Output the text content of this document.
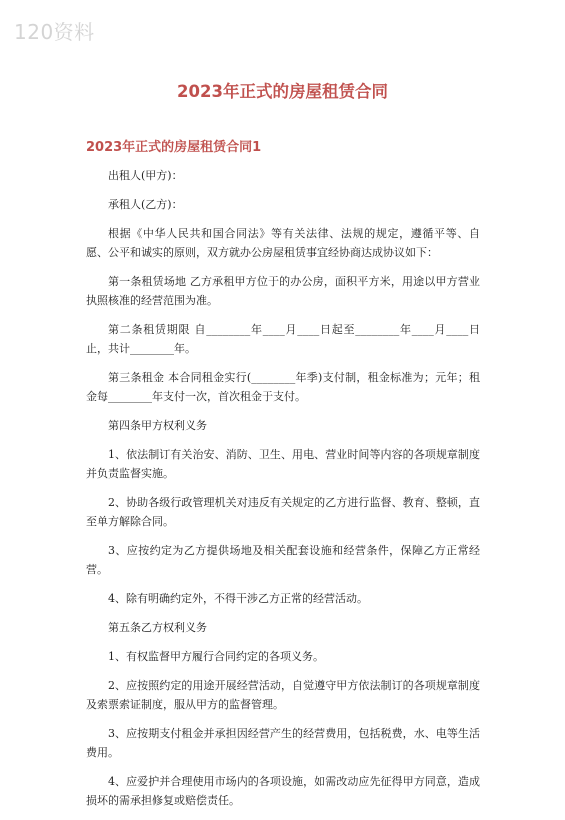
120资料
2023年正式的房屋租赁合同
2023年正式的房屋租赁合同1

出租人(甲方)：

承租人(乙方)：

根据《中华人民共和国合同法》等有关法律、法规的规定，遵循平等、自愿、公平和诚实的原则，双方就办公房屋租赁事宜经协商达成协议如下：

第一条租赁场地 乙方承租甲方位于的办公房，面积平方米，用途以甲方营业执照核准的经营范围为准。

第二条租赁期限 自________年____月____日起至________年____月____日止，共计________年。

第三条租金 本合同租金实行(________年季)支付制，租金标准为；元年；租金每________年支付一次，首次租金于支付。

第四条甲方权利义务

1、依法制订有关治安、消防、卫生、用电、营业时间等内容的各项规章制度并负责监督实施。

2、协助各级行政管理机关对违反有关规定的乙方进行监督、教育、整顿，直至单方解除合同。

3、应按约定为乙方提供场地及相关配套设施和经营条件，保障乙方正常经营。

4、除有明确约定外，不得干涉乙方正常的经营活动。

第五条乙方权利义务

1、有权监督甲方履行合同约定的各项义务。

2、应按照约定的用途开展经营活动，自觉遵守甲方依法制订的各项规章制度及索票索证制度，服从甲方的监督管理。

3、应按期支付租金并承担因经营产生的经营费用，包括税费，水、电等生活费用。

4、应爱护并合理使用市场内的各项设施，如需改动应先征得甲方同意，造成损坏的需承担修复或赔偿责任。
